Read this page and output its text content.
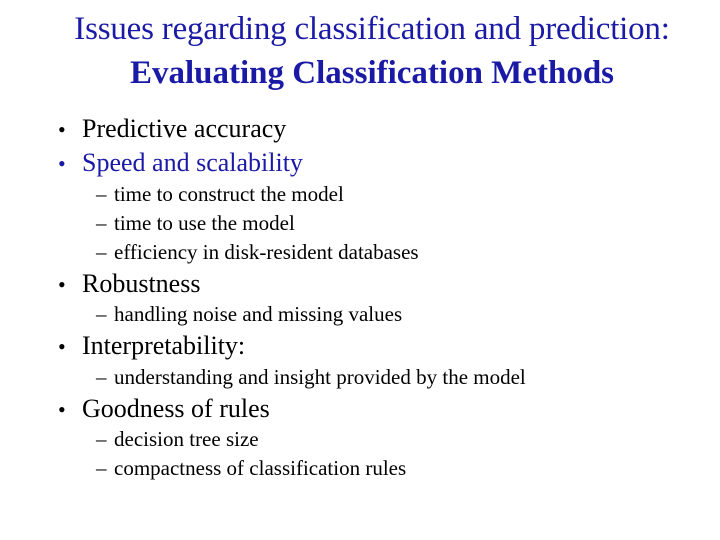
Issues regarding classification and prediction:
Evaluating Classification Methods
• Predictive accuracy
• Speed and scalability
– time to construct the model
– time to use the model
– efficiency in disk-resident databases
• Robustness
– handling noise and missing values
• Interpretability:
– understanding and insight provided by the model
• Goodness of rules
– decision tree size
– compactness of classification rules
